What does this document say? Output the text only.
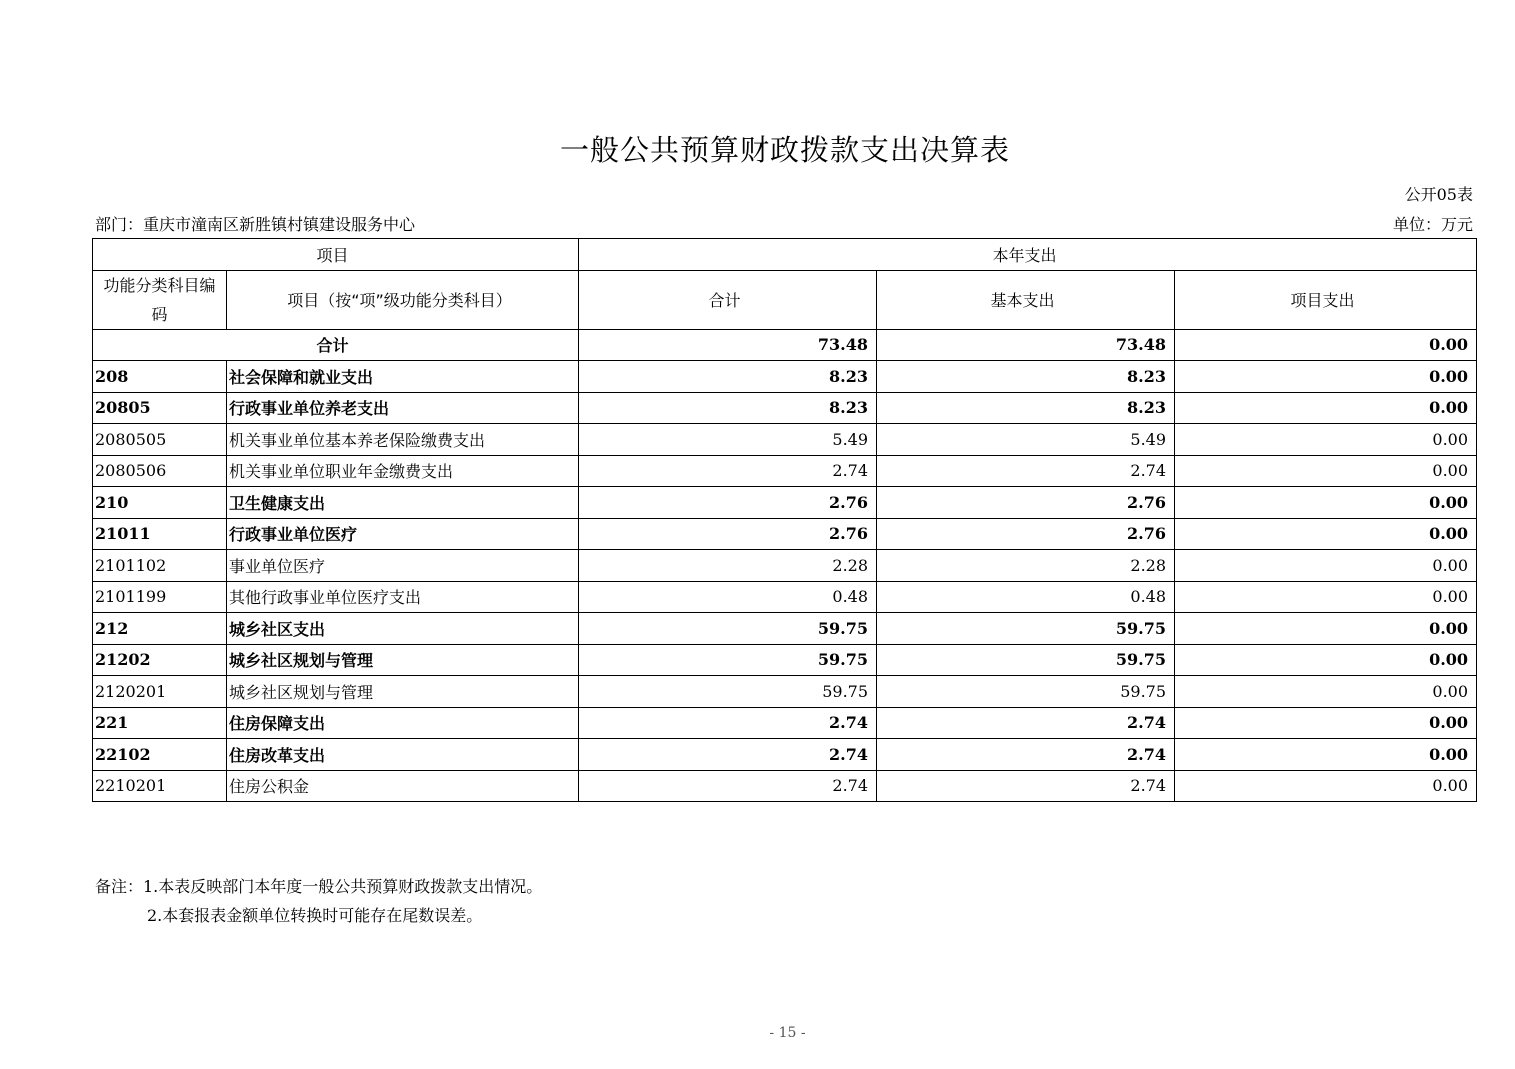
一般公共预算财政拨款支出决算表
公开05表
部门：重庆市潼南区新胜镇村镇建设服务中心	单位：万元
项目		本年支出		
功能分类科目编码	项目（按“项”级功能分类科目）	合计	基本支出	项目支出
合计		73.48	73.48	0.00
208	社会保障和就业支出	8.23	8.23	0.00
20805	行政事业单位养老支出	8.23	8.23	0.00
2080505	机关事业单位基本养老保险缴费支出	5.49	5.49	0.00
2080506	机关事业单位职业年金缴费支出	2.74	2.74	0.00
210	卫生健康支出	2.76	2.76	0.00
21011	行政事业单位医疗	2.76	2.76	0.00
2101102	事业单位医疗	2.28	2.28	0.00
2101199	其他行政事业单位医疗支出	0.48	0.48	0.00
212	城乡社区支出	59.75	59.75	0.00
21202	城乡社区规划与管理	59.75	59.75	0.00
2120201	城乡社区规划与管理	59.75	59.75	0.00
221	住房保障支出	2.74	2.74	0.00
22102	住房改革支出	2.74	2.74	0.00
2210201	住房公积金	2.74	2.74	0.00
备注：1.本表反映部门本年度一般公共预算财政拨款支出情况。
2.本套报表金额单位转换时可能存在尾数误差。
- 15 -
